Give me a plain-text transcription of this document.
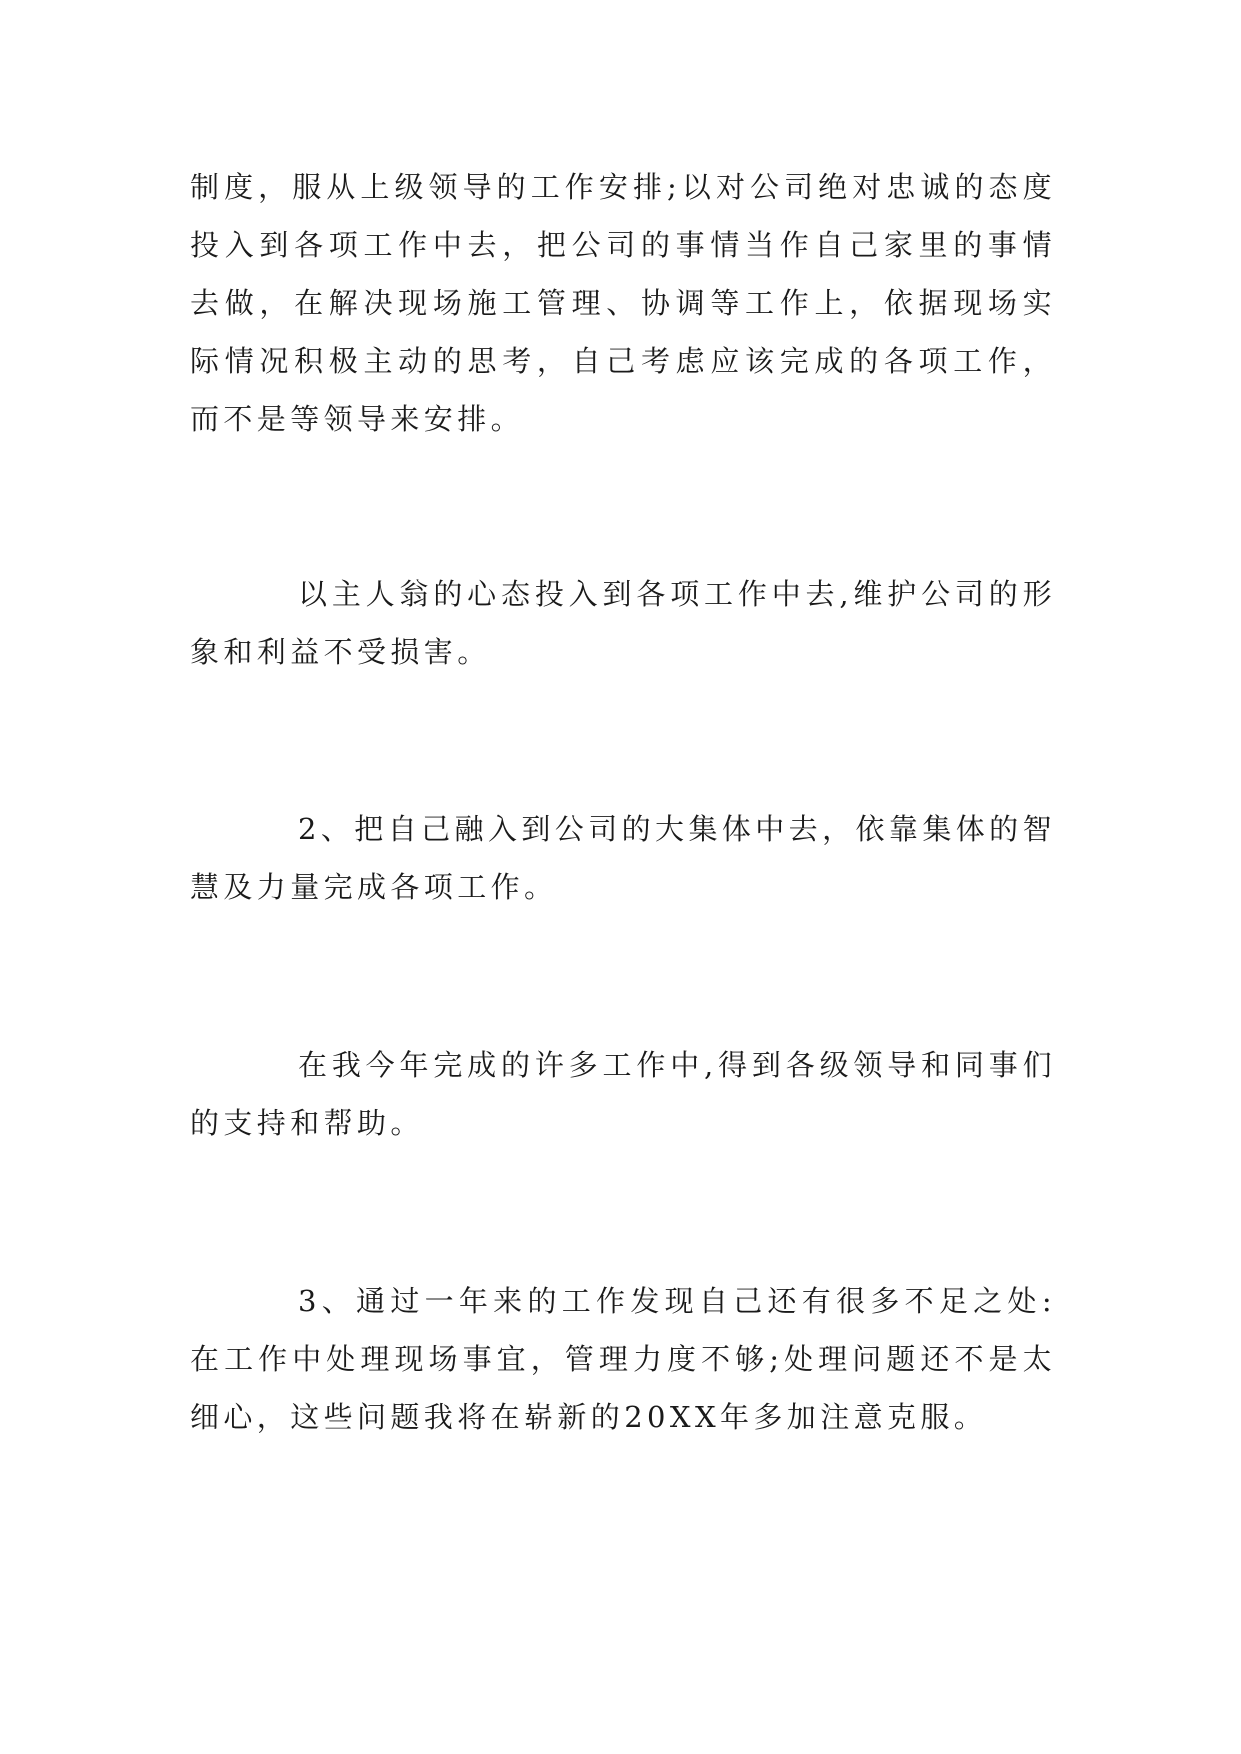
制度，服从上级领导的工作安排;以对公司绝对忠诚的态度投入到各项工作中去，把公司的事情当作自己家里的事情去做，在解决现场施工管理、协调等工作上，依据现场实际情况积极主动的思考，自己考虑应该完成的各项工作，而不是等领导来安排。

以主人翁的心态投入到各项工作中去,维护公司的形象和利益不受损害。

2、把自己融入到公司的大集体中去，依靠集体的智慧及力量完成各项工作。

在我今年完成的许多工作中,得到各级领导和同事们的支持和帮助。

3、通过一年来的工作发现自己还有很多不足之处:在工作中处理现场事宜，管理力度不够;处理问题还不是太细心，这些问题我将在崭新的20XX年多加注意克服。
